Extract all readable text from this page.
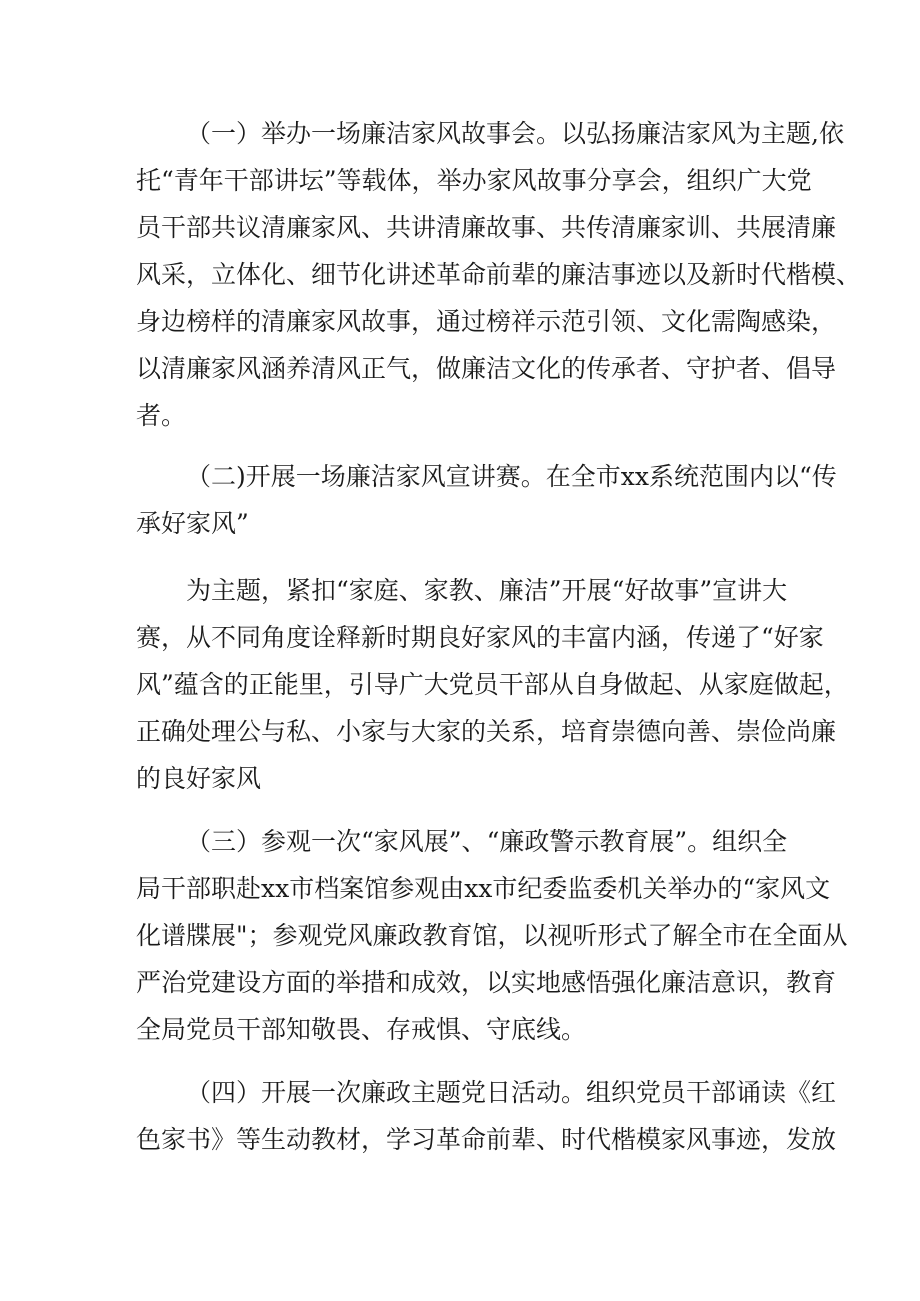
（一）举办一场廉洁家风故事会。以弘扬廉洁家风为主题,依
托“青年干部讲坛”等载体，举办家风故事分享会，组织广大党
员干部共议清廉家风、共讲清廉故事、共传清廉家训、共展清廉
风采，立体化、细节化讲述革命前辈的廉洁事迹以及新时代楷模、
身边榜样的清廉家风故事，通过榜祥示范引领、文化需陶感染，
以清廉家风涵养清风正气，做廉洁文化的传承者、守护者、倡导
者。
（二)开展一场廉洁家风宣讲赛。在全市xx系统范围内以“传
承好家风”
为主题，紧扣“家庭、家教、廉洁”开展“好故事”宣讲大
赛，从不同角度诠释新时期良好家风的丰富内涵，传递了“好家
风”蕴含的正能里，引导广大党员干部从自身做起、从家庭做起，
正确处理公与私、小家与大家的关系，培育崇德向善、崇俭尚廉
的良好家风
（三）参观一次“家风展”、“廉政警示教育展”。组织全
局干部职赴xx市档案馆参观由xx市纪委监委机关举办的“家风文
化谱牒展"；参观党风廉政教育馆，以视听形式了解全市在全面从
严治党建设方面的举措和成效，以实地感悟强化廉洁意识，教育
全局党员干部知敬畏、存戒惧、守底线。
（四）开展一次廉政主题党日活动。组织党员干部诵读《红
色家书》等生动教材，学习革命前辈、时代楷模家风事迹，发放
